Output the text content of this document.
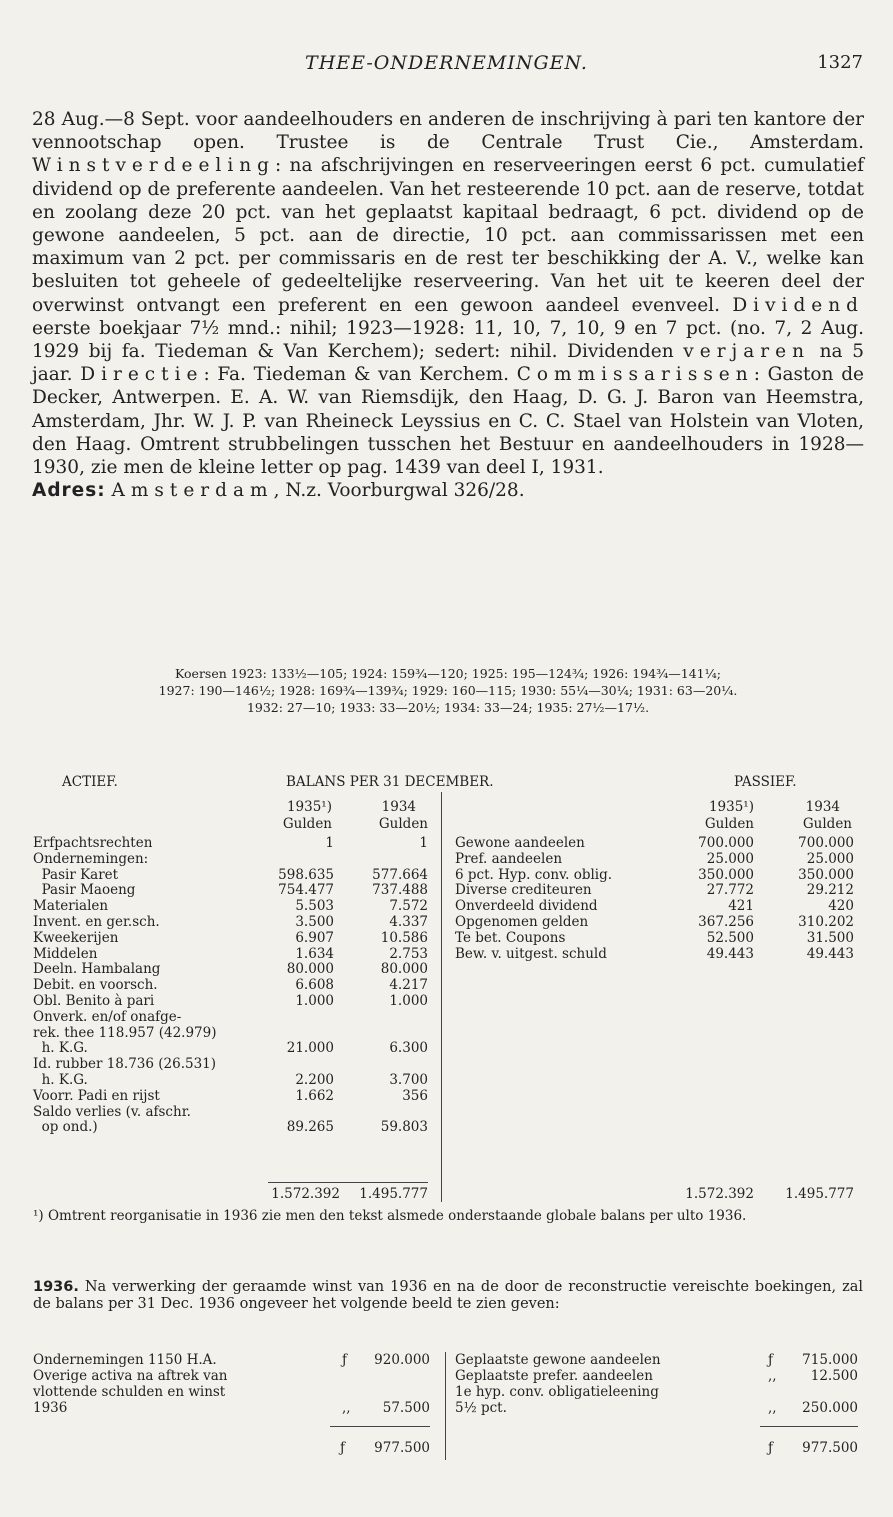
THEE-ONDERNEMINGEN.	1327

28 Aug.—8 Sept. voor aandeelhouders en anderen de inschrijving à pari ten kantore der vennootschap open. Trustee is de Centrale Trust Cie., Amsterdam. Winstverdeeling: na afschrijvingen en reserveeringen eerst 6 pct. cumulatief dividend op de preferente aandeelen. Van het resteerende 10 pct. aan de reserve, totdat en zoolang deze 20 pct. van het geplaatst kapitaal bedraagt, 6 pct. dividend op de gewone aandeelen, 5 pct. aan de directie, 10 pct. aan commissarissen met een maximum van 2 pct. per commissaris en de rest ter beschikking der A. V., welke kan besluiten tot geheele of gedeeltelijke reserveering. Van het uit te keeren deel der overwinst ontvangt een preferent en een gewoon aandeel evenveel. Dividend eerste boekjaar 7½ mnd.: nihil; 1923—1928: 11, 10, 7, 10, 9 en 7 pct. (no. 7, 2 Aug. 1929 bij fa. Tiedeman & Van Kerchem); sedert: nihil. Dividenden verjaren na 5 jaar. Directie: Fa. Tiedeman & van Kerchem. Commissarissen: Gaston de Decker, Antwerpen. E. A. W. van Riemsdijk, den Haag, D. G. J. Baron van Heemstra, Amsterdam, Jhr. W. J. P. van Rheineck Leyssius en C. C. Stael van Holstein van Vloten, den Haag. Omtrent strubbelingen tusschen het Bestuur en aandeelhouders in 1928—1930, zie men de kleine letter op pag. 1439 van deel I, 1931.
Adres: Amsterdam, N.z. Voorburgwal 326/28.

Koersen 1923: 133½—105; 1924: 159¾—120; 1925: 195—124¾; 1926: 194¾—141¼;
1927: 190—146½; 1928: 169¾—139¾; 1929: 160—115; 1930: 55¼—30¼; 1931: 63—20¼.
1932: 27—10; 1933: 33—20½; 1934: 33—24; 1935: 27½—17½.
ACTIEF.	BALANS PER 31 DECEMBER.	PASSIEF.
1935¹)	1934
Gulden	Gulden
1935¹)	1934
Gulden	Gulden
Erfpachtsrechten	1	1
Ondernemingen:
Pasir Karet	598.635	577.664
Pasir Maoeng	754.477	737.488
Materialen	5.503	7.572
Invent. en ger.sch.	3.500	4.337
Kweekerijen	6.907	10.586
Middelen	1.634	2.753
Deeln. Hambalang	80.000	80.000
Debit. en voorsch.	6.608	4.217
Obl. Benito à pari	1.000	1.000
Onverk. en/of onafge-
rek. thee 118.957 (42.979)
h. K.G.	21.000	6.300
Id. rubber 18.736 (26.531)
h. K.G.	2.200	3.700
Voorr. Padi en rijst	1.662	356
Saldo verlies (v. afschr.
op ond.)	89.265	59.803
Gewone aandeelen	700.000	700.000
Pref. aandeelen	25.000	25.000
6 pct. Hyp. conv. oblig.	350.000	350.000
Diverse crediteuren	27.772	29.212
Onverdeeld dividend	421	420
Opgenomen gelden	367.256	310.202
Te bet. Coupons	52.500	31.500
Bew. v. uitgest. schuld	49.443	49.443
1.572.392	1.495.777	1.572.392	1.495.777

¹) Omtrent reorganisatie in 1936 zie men den tekst alsmede onderstaande globale balans per ulto 1936.

1936. Na verwerking der geraamde winst van 1936 en na de door de reconstructie vereischte boekingen, zal de balans per 31 Dec. 1936 ongeveer het volgende beeld te zien geven:

Ondernemingen 1150 H.A.	ƒ	920.000
Overige activa na aftrek van
vlottende schulden en winst
1936	,,	57.500
Geplaatste gewone aandeelen	ƒ	715.000
Geplaatste prefer. aandeelen	,,	12.500
1e hyp. conv. obligatieleening
5½ pct.	,,	250.000
ƒ	977.500	ƒ	977.500
